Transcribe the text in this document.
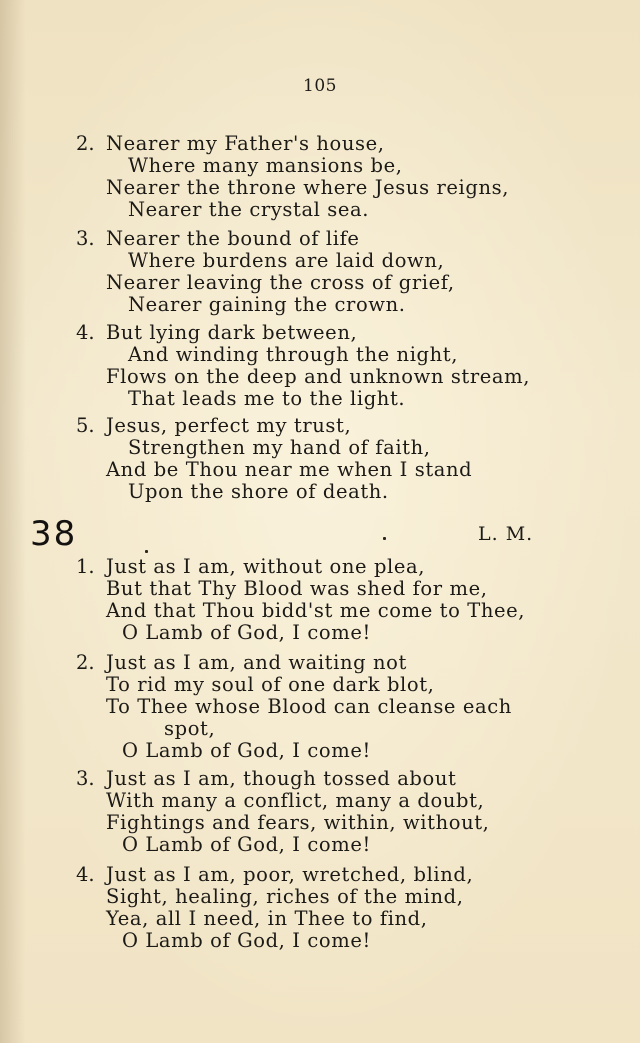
105
2. Nearer my Father's house,
Where many mansions be,
Nearer the throne where Jesus reigns,
Nearer the crystal sea.
3. Nearer the bound of life
Where burdens are laid down,
Nearer leaving the cross of grief,
Nearer gaining the crown.
4. But lying dark between,
And winding through the night,
Flows on the deep and unknown stream,
That leads me to the light.
5. Jesus, perfect my trust,
Strengthen my hand of faith,
And be Thou near me when I stand
Upon the shore of death.
38	L. M.
1. Just as I am, without one plea,
But that Thy Blood was shed for me,
And that Thou bidd'st me come to Thee,
O Lamb of God, I come!
2. Just as I am, and waiting not
To rid my soul of one dark blot,
To Thee whose Blood can cleanse each
spot,
O Lamb of God, I come!
3. Just as I am, though tossed about
With many a conflict, many a doubt,
Fightings and fears, within, without,
O Lamb of God, I come!
4. Just as I am, poor, wretched, blind,
Sight, healing, riches of the mind,
Yea, all I need, in Thee to find,
O Lamb of God, I come!
